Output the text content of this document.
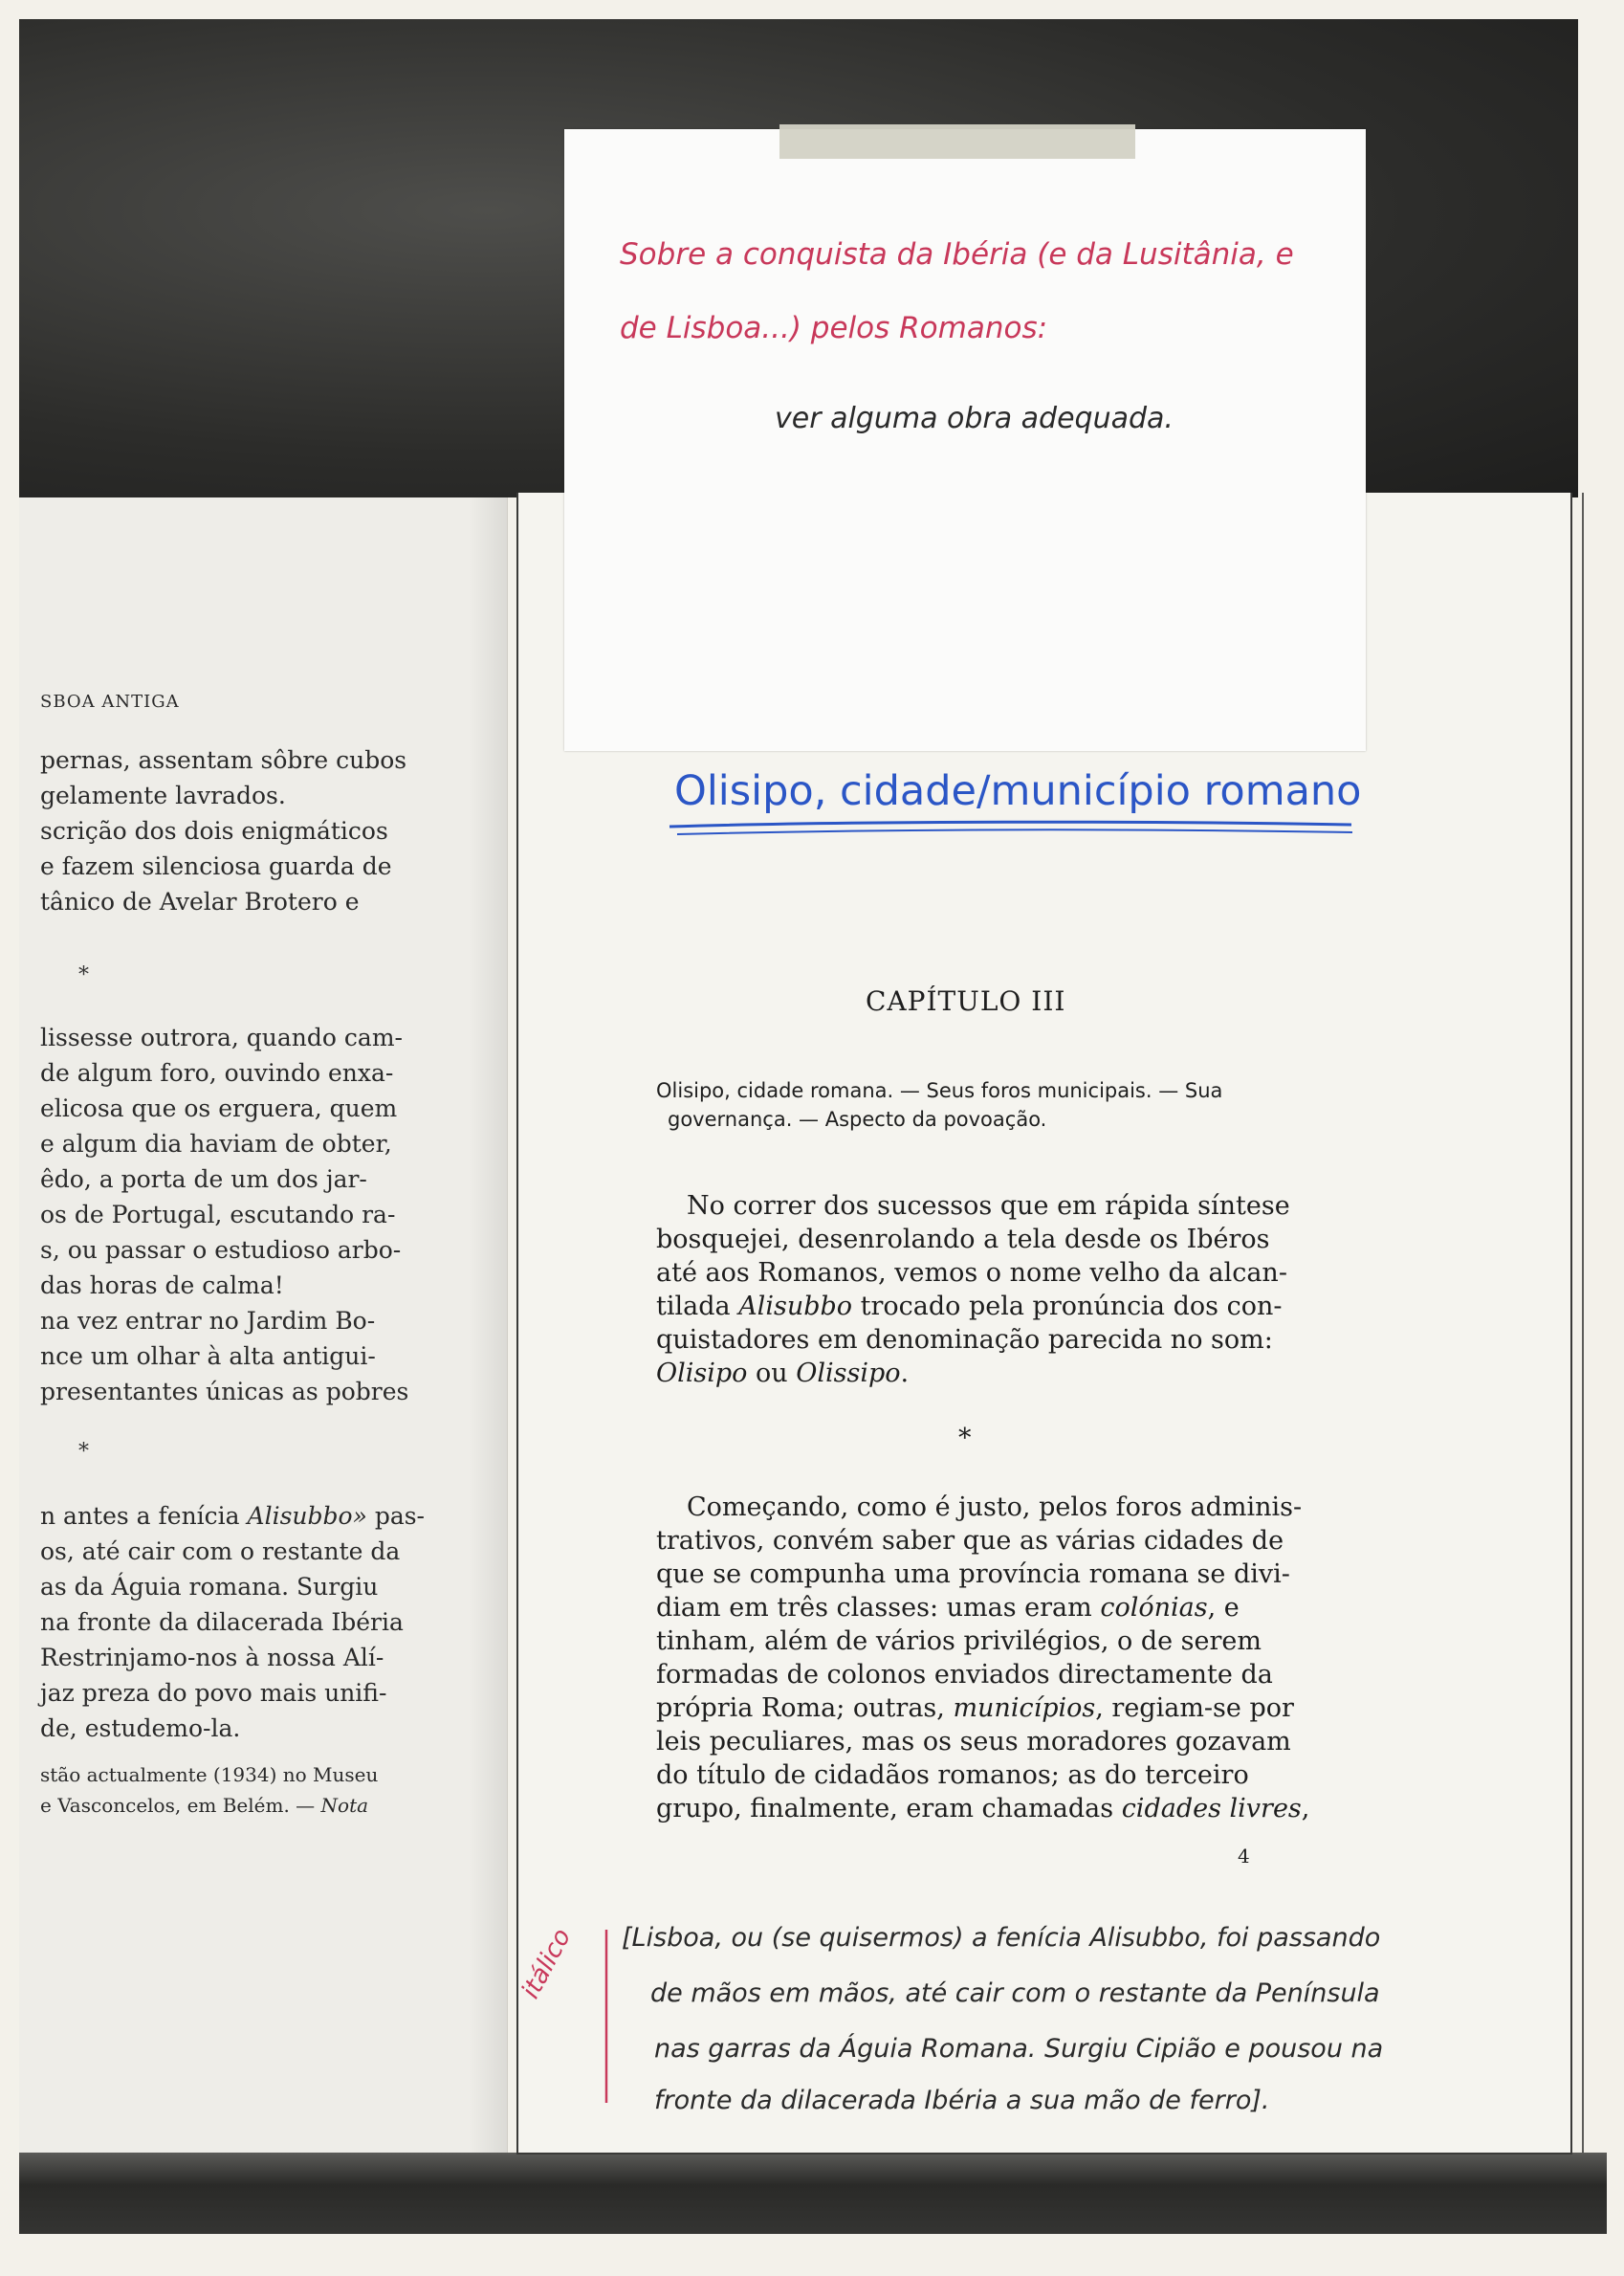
SBOA ANTIGA
pernas, assentam sôbre cubos
gelamente lavrados.
scrição dos dois enigmáticos
e fazem silenciosa guarda de
tânico de Avelar Brotero e
*
lissesse outrora, quando cam-
de algum foro, ouvindo enxa-
elicosa que os erguera, quem
e algum dia haviam de obter,
êdo, a porta de um dos jar-
os de Portugal, escutando ra-
s, ou passar o estudioso arbo-
das horas de calma!
na vez entrar no Jardim Bo-
nce um olhar à alta antigui-
presentantes únicas as pobres
*
n antes a fenícia Alisubbo» pas-
os, até cair com o restante da
as da Águia romana. Surgiu
na fronte da dilacerada Ibéria
Restrinjamo-nos à nossa Alí-
jaz preza do povo mais unifi-
de, estudemo-la.
stão actualmente (1934) no Museu
e Vasconcelos, em Belém. — Nota
Sobre a conquista da Ibéria (e da Lusitânia, e
de Lisboa...) pelos Romanos:
ver alguma obra adequada.
Olisipo, cidade/município romano
CAPÍTULO III
Olisipo, cidade romana. — Seus foros municipais. — Sua
governança. — Aspecto da povoação.
No correr dos sucessos que em rápida síntese
bosquejei, desenrolando a tela desde os Ibéros
até aos Romanos, vemos o nome velho da alcan-
tilada Alisubbo trocado pela pronúncia dos con-
quistadores em denominação parecida no som:
Olisipo ou Olissipo.
*
Começando, como é justo, pelos foros adminis-
trativos, convém saber que as várias cidades de
que se compunha uma província romana se divi-
diam em três classes: umas eram colónias, e
tinham, além de vários privilégios, o de serem
formadas de colonos enviados directamente da
própria Roma; outras, municípios, regiam-se por
leis peculiares, mas os seus moradores gozavam
do título de cidadãos romanos; as do terceiro
grupo, finalmente, eram chamadas cidades livres,
4
itálico [Lisboa, ou (se quisermos) a fenícia Alisubbo, foi passando
de mãos em mãos, até cair com o restante da Península
nas garras da Águia Romana. Surgiu Cipião e pousou na
fronte da dilacerada Ibéria a sua mão de ferro].
